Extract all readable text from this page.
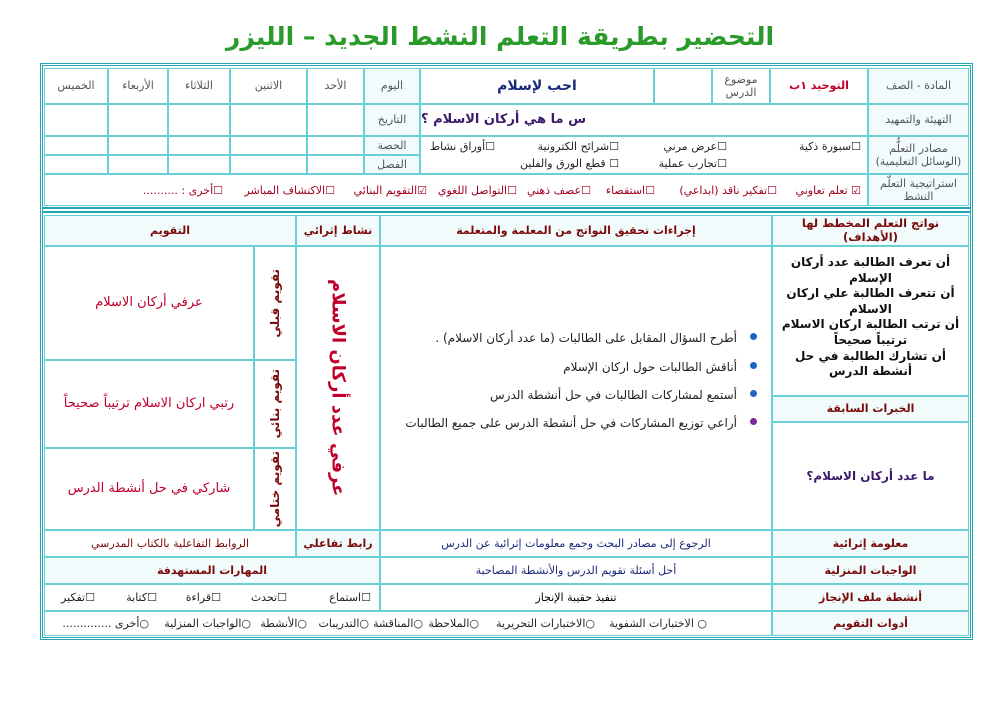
التحضير بطريقة التعلم النشط الجديد – الليزر
المادة - الصف
التوحيد ١ب
موضوع الدرس
احب لإسلام
اليوم
الأحد
الاثنين
الثلاثاء
الأربعاء
الخميس
التهيئة والتمهيد
س ما هي أركان الاسلام ؟
مصادر التعلُّم (الوسائل التعليمية)
☐سبورة ذكية
☐عرض مرني
☐شرائح الكترونية
☐أوراق نشاط
☐تجارب عملية
☐ قطع الورق والفلين
التاريخ
الحصة
الفصل
استراتيجية التعلُّم النشط
☑ تعلم تعاوني
☐تفكير ناقد (ابداعي)
☐استقصاء
☐عصف ذهني
☐التواصل اللغوي
☑التقويم البنائي
☐الاكتشاف المباشر
☐أخرى : ..........
نواتج التعلم المخطط لها (الأهداف)
إجراءات تحقيق النواتج من المعلمة والمتعلمة
نشاط إثرائي
التقويم
أن تعرف الطالبة عدد أركان الإسلام
أن تتعرف الطالبة علي اركان الاسلام
أن ترتب الطالبة اركان الاسلام ترتيباً صحيحاً
أن تشارك الطالبة في حل أنشطة الدرس
الخبرات السابقة
ما عدد أركان الاسلام؟
أطرح السؤال المقابل على الطالبات (ما عدد أركان الاسلام) .
أناقش الطالبات حول اركان الإسلام
أستمع لمشاركات الطالبات في حل أنشطة الدرس
أراعي توزيع المشاركات في حل أنشطة الدرس على جميع الطالبات
عرفي عدد أركان الاسلام
تقويم قبلي
عرفي أركان الاسلام
تقويم بنائي
رتبي اركان الاسلام ترتيباً صحيحاً
تقويم ختامي
شاركي في حل أنشطة الدرس
معلومة إثرائية
الرجوع إلى مصادر البحث وجمع معلومات إثرائية عن الدرس
رابط تفاعلي
الروابط التفاعلية بالكتاب المدرسي
الواجبات المنزلية
أحل أسئلة تقويم الدرس والأنشطة المصاحبة
المهارات المستهدفة
أنشطة ملف الإنجاز
تنفيذ حقيبة الإنجاز
☐استماع
☐تحدث
☐قراءة
☐كتابة
☐تفكير
أدوات التقويم
○ الاختبارات الشفوية
○الاختبارات التحريرية
○الملاحظة
○المناقشة
○التدريبات
○الأنشطة
○الواجبات المنزلية
○أخرى ..............
